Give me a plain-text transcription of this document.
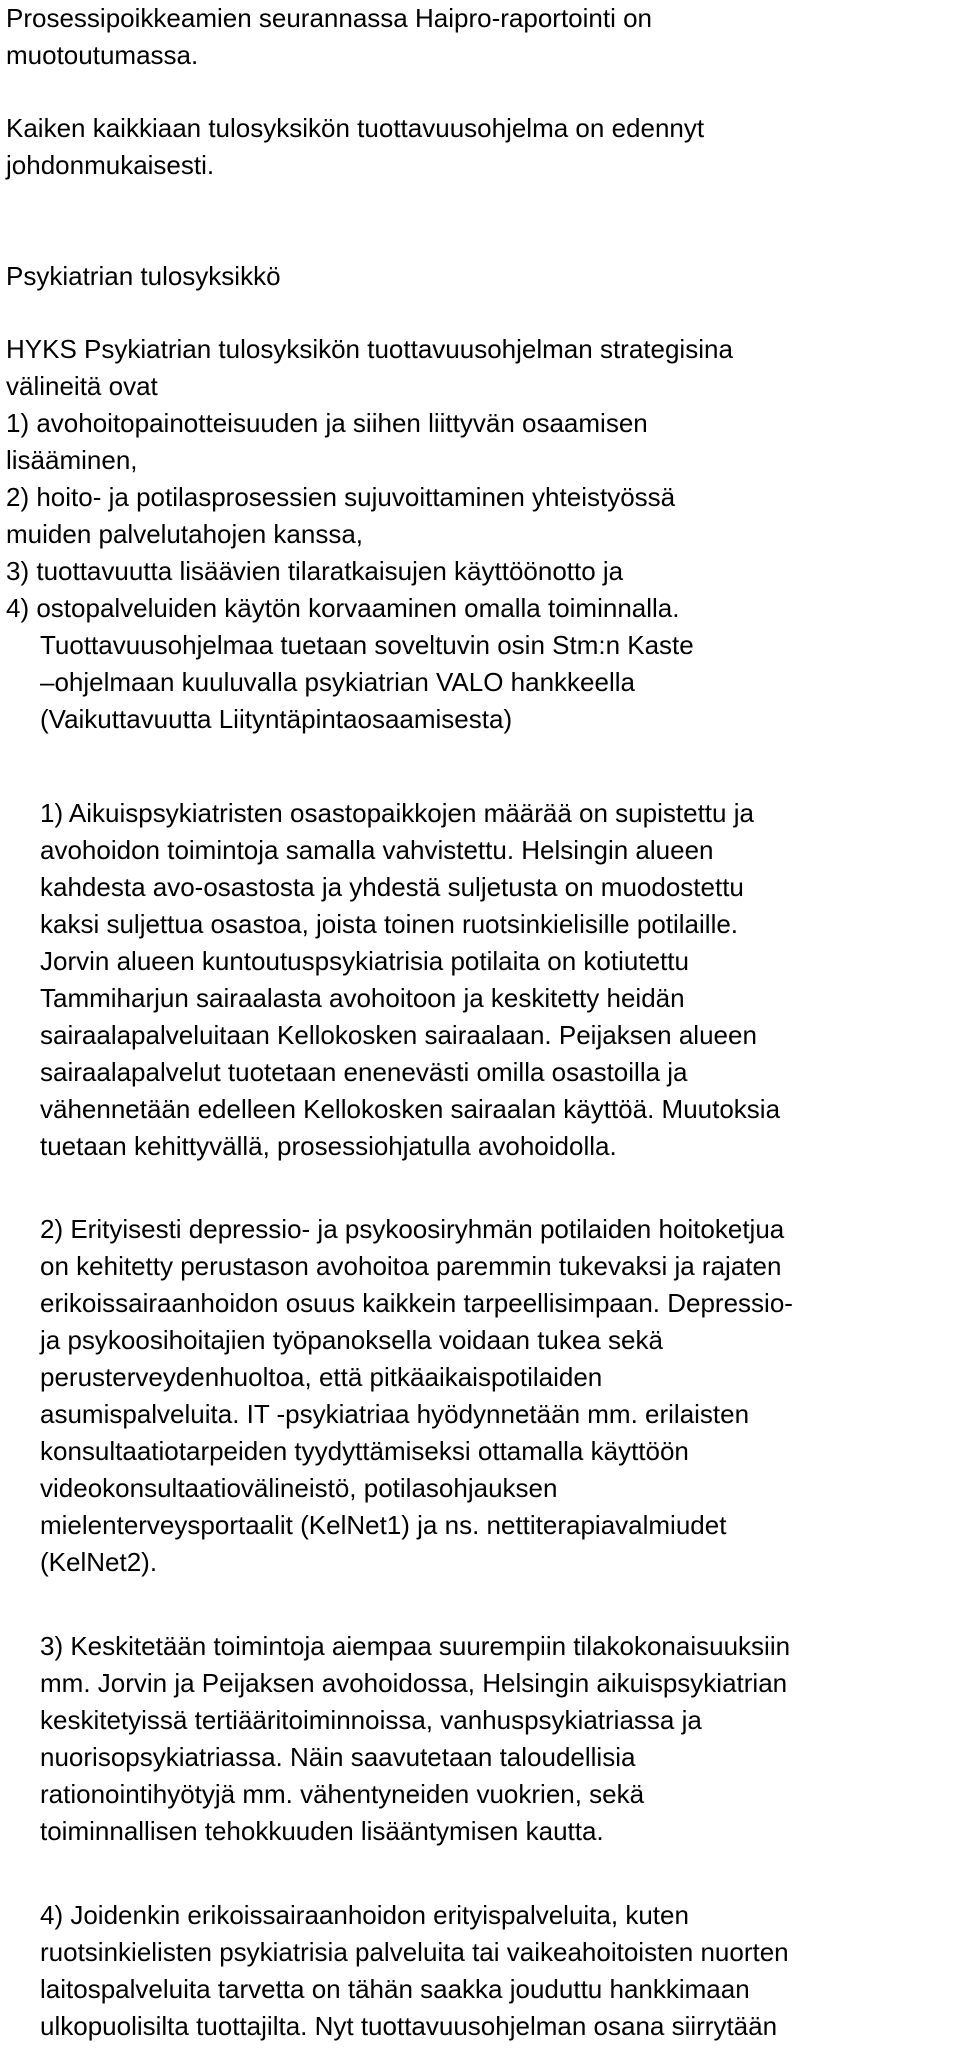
Prosessipoikkeamien seurannassa Haipro-raportointi on
muotoutumassa.
Kaiken kaikkiaan tulosyksikön tuottavuusohjelma on edennyt
johdonmukaisesti.
Psykiatrian tulosyksikkö
HYKS Psykiatrian tulosyksikön tuottavuusohjelman strategisina
välineitä ovat
1) avohoitopainotteisuuden ja siihen liittyvän osaamisen
lisääminen,
2) hoito- ja potilasprosessien sujuvoittaminen yhteistyössä
muiden palvelutahojen kanssa,
3) tuottavuutta lisäävien tilaratkaisujen käyttöönotto ja
4) ostopalveluiden käytön korvaaminen omalla toiminnalla.
Tuottavuusohjelmaa tuetaan soveltuvin osin Stm:n Kaste
–ohjelmaan kuuluvalla psykiatrian VALO hankkeella
(Vaikuttavuutta Liityntäpintaosaamisesta)
1) Aikuispsykiatristen osastopaikkojen määrää on supistettu ja
avohoidon toimintoja samalla vahvistettu. Helsingin alueen
kahdesta avo-osastosta ja yhdestä suljetusta on muodostettu
kaksi suljettua osastoa, joista toinen ruotsinkielisille potilaille.
Jorvin alueen kuntoutuspsykiatrisia potilaita on kotiutettu
Tammiharjun sairaalasta avohoitoon ja keskitetty heidän
sairaalapalveluitaan Kellokosken sairaalaan. Peijaksen alueen
sairaalapalvelut tuotetaan enenevästi omilla osastoilla ja
vähennetään edelleen Kellokosken sairaalan käyttöä. Muutoksia
tuetaan kehittyvällä, prosessiohjatulla avohoidolla.
2) Erityisesti depressio- ja psykoosiryhmän potilaiden hoitoketjua
on kehitetty perustason avohoitoa paremmin tukevaksi ja rajaten
erikoissairaanhoidon osuus kaikkein tarpeellisimpaan. Depressio-
ja psykoosihoitajien työpanoksella voidaan tukea sekä
perusterveydenhuoltoa, että pitkäaikaispotilaiden
asumispalveluita. IT -psykiatriaa hyödynnetään mm. erilaisten
konsultaatiotarpeiden tyydyttämiseksi ottamalla käyttöön
videokonsultaatiovälineistö, potilasohjauksen
mielenterveysportaalit (KelNet1) ja ns. nettiterapiavalmiudet
(KelNet2).
3) Keskitetään toimintoja aiempaa suurempiin tilakokonaisuuksiin
mm. Jorvin ja Peijaksen avohoidossa, Helsingin aikuispsykiatrian
keskitetyissä tertiääritoiminnoissa, vanhuspsykiatriassa ja
nuorisopsykiatriassa. Näin saavutetaan taloudellisia
rationointihyötyjä mm. vähentyneiden vuokrien, sekä
toiminnallisen tehokkuuden lisääntymisen kautta.
4) Joidenkin erikoissairaanhoidon erityispalveluita, kuten
ruotsinkielisten psykiatrisia palveluita tai vaikeahoitoisten nuorten
laitospalveluita tarvetta on tähän saakka jouduttu hankkimaan
ulkopuolisilta tuottajilta. Nyt tuottavuusohjelman osana siirrytään
